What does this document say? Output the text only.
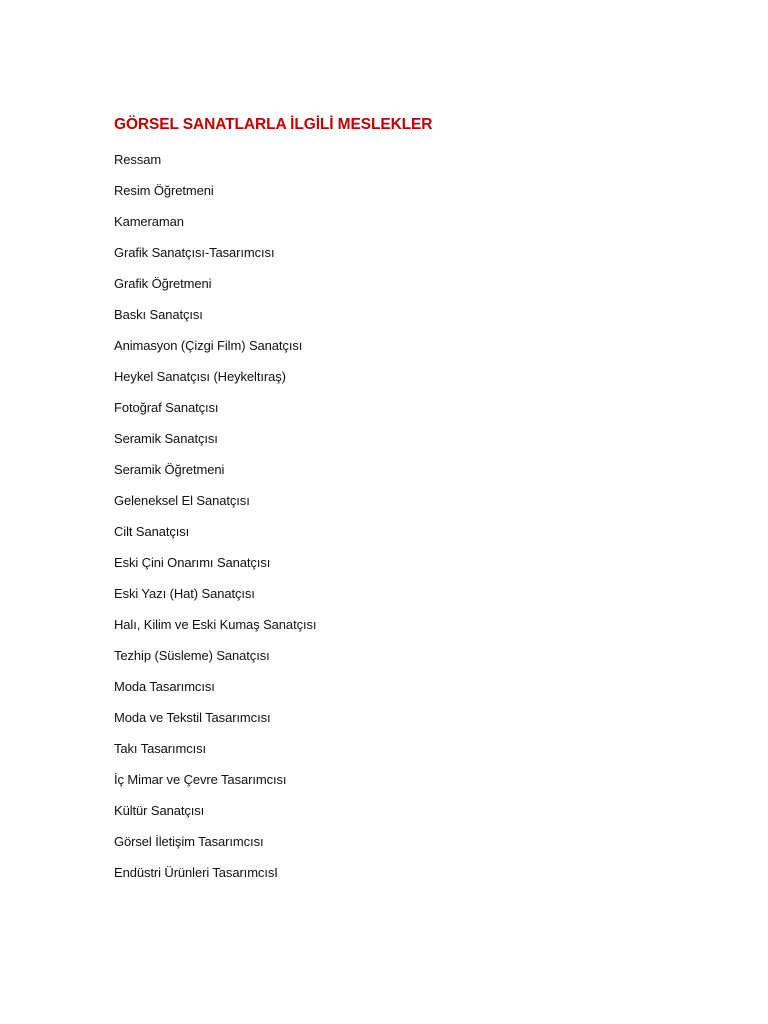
GÖRSEL SANATLARLA İLGİLİ MESLEKLER
Ressam
Resim Öğretmeni
Kameraman
Grafik Sanatçısı-Tasarımcısı
Grafik Öğretmeni
Baskı Sanatçısı
Animasyon (Çizgi Film) Sanatçısı
Heykel Sanatçısı (Heykeltıraş)
Fotoğraf Sanatçısı
Seramik Sanatçısı
Seramik Öğretmeni
Geleneksel El Sanatçısı
Cilt Sanatçısı
Eski Çini Onarımı Sanatçısı
Eski Yazı (Hat) Sanatçısı
Halı, Kilim ve Eski Kumaş Sanatçısı
Tezhip (Süsleme) Sanatçısı
Moda Tasarımcısı
Moda ve Tekstil Tasarımcısı
Takı Tasarımcısı
İç Mimar ve Çevre Tasarımcısı
Kültür Sanatçısı
Görsel İletişim Tasarımcısı
Endüstri Ürünleri TasarımcısI
